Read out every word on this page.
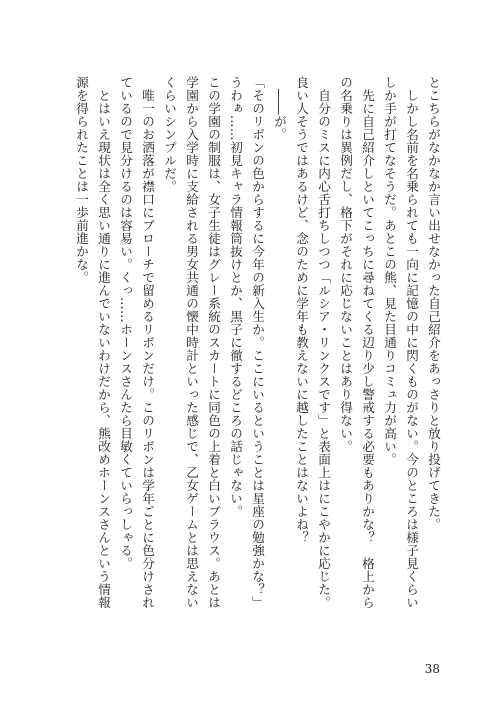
とこちらがなかなか言い出せなかった自己紹介をあっさりと放り投げてきた。

しかし名前を名乗られても一向に記憶の中に閃くものがない。今のところは様子見くらいしか手が打てなそうだ。あとこの熊、見た目通りコミュ力が高い。

先に自己紹介しといてこっちに尋ねてくる辺り少し警戒する必要もありかな？　格上からの名乗りは異例だし、格下がそれに応じないことはあり得ない。

自分のミスに内心舌打ちしつつ「ルシア・リンクスです」と表面上はにこやかに応じた。良い人そうではあるけど、念のために学年も教えないに越したことはないよね？

――が。

「そのリボンの色からするに今年の新入生か。ここにいるということは星座の勉強かな？」

うわぁ……初見キャラ情報筒抜けとか、黒子に徹するどころの話じゃない。

この学園の制服は、女子生徒はグレー系統のスカートに同色の上着と白いブラウス。あとは学園から入学時に支給される男女共通の懐中時計といった感じで、乙女ゲームとは思えないくらいシンプルだ。

唯一のお洒落が襟口にブローチで留めるリボンだけ。このリボンは学年ごとに色分けされているので見分けるのは容易い。くっ……ホーンスさんたら目敏くていらっしゃる。

とはいえ現状は全く思い通りに進んでいないわけだから、熊改めホーンスさんという情報源を得られたことは一歩前進かな。

38
